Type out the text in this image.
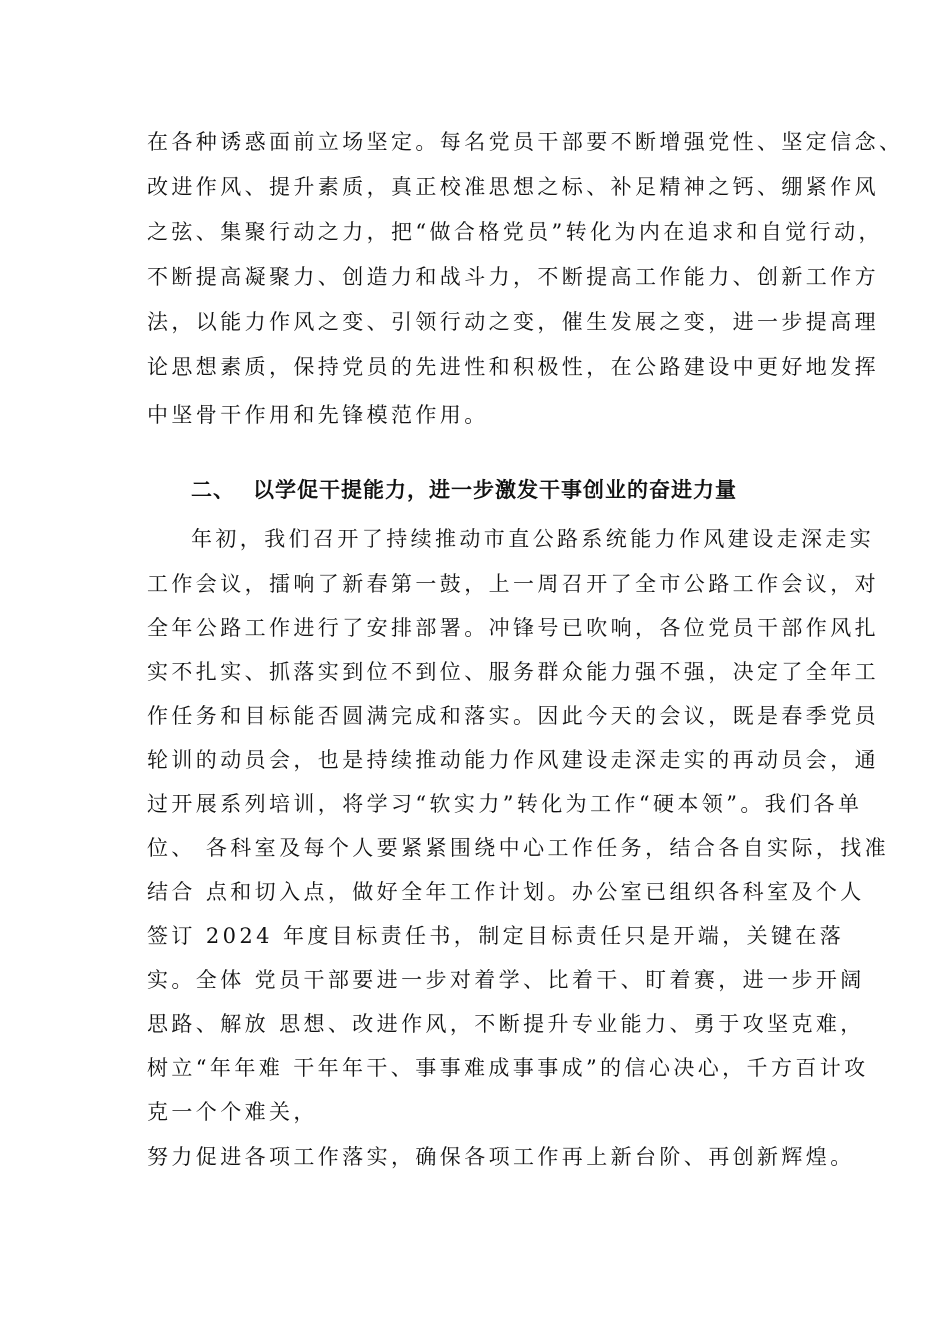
在各种诱惑面前立场坚定。每名党员干部要不断增强党性、坚定信念、
改进作风、提升素质，真正校准思想之标、补足精神之钙、绷紧作风
之弦、集聚行动之力，把“做合格党员”转化为内在追求和自觉行动，
不断提高凝聚力、创造力和战斗力，不断提高工作能力、创新工作方
法，以能力作风之变、引领行动之变，催生发展之变，进一步提高理
论思想素质，保持党员的先进性和积极性，在公路建设中更好地发挥
中坚骨干作用和先锋模范作用。
二、 以学促干提能力，进一步激发干事创业的奋进力量
年初，我们召开了持续推动市直公路系统能力作风建设走深走实
工作会议，擂响了新春第一鼓，上一周召开了全市公路工作会议，对
全年公路工作进行了安排部署。冲锋号已吹响，各位党员干部作风扎
实不扎实、抓落实到位不到位、服务群众能力强不强，决定了全年工
作任务和目标能否圆满完成和落实。因此今天的会议，既是春季党员
轮训的动员会，也是持续推动能力作风建设走深走实的再动员会，通
过开展系列培训，将学习“软实力”转化为工作“硬本领”。我们各单
位、 各科室及每个人要紧紧围绕中心工作任务，结合各自实际，找准
结合 点和切入点，做好全年工作计划。办公室已组织各科室及个人
签订 2024 年度目标责任书，制定目标责任只是开端，关键在落
实。全体 党员干部要进一步对着学、比着干、盯着赛，进一步开阔
思路、解放 思想、改进作风，不断提升专业能力、勇于攻坚克难，
树立“年年难 干年年干、事事难成事事成”的信心决心，千方百计攻
克一个个难关，
努力促进各项工作落实，确保各项工作再上新台阶、再创新辉煌。
